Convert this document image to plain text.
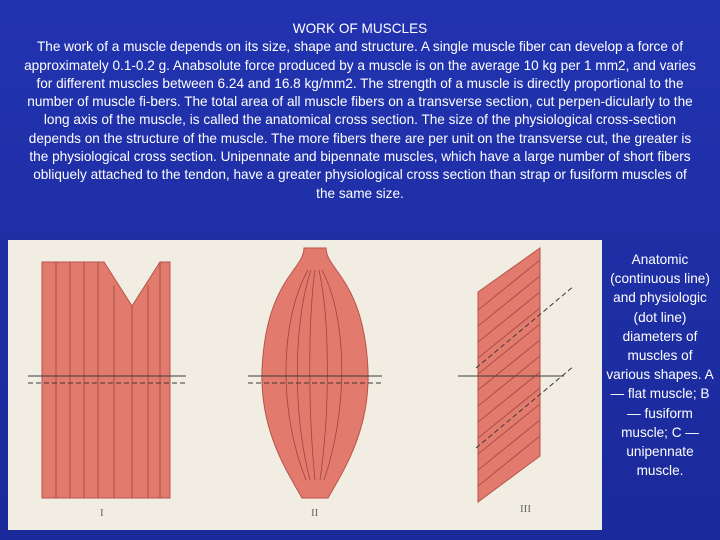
WORK OF MUSCLES
The work of a muscle depends on its size, shape and structure. A single muscle fiber can develop a force of approximately 0.1-0.2 g. Anabsolute force produced by a muscle is on the average 10 kg per 1 mm2, and varies for different muscles between 6.24 and 16.8 kg/mm2. The strength of a muscle is directly proportional to the number of muscle fi-bers. The total area of all muscle fibers on a transverse section, cut perpen-dicularly to the long axis of the muscle, is called the anatomical cross section. The size of the physiological cross-section depends on the structure of the muscle. The more fibers there are per unit on the transverse cut, the greater is the physiological cross section. Unipennate and bipennate muscles, which have a large number of short fibers obliquely attached to the tendon, have a greater physiological cross section than strap or fusiform muscles of the same size.
I	II	III
Anatomic (continuous line) and physiologic (dot line) diameters of muscles of various shapes. A — flat muscle; B — fusiform muscle; C — unipennate muscle.
